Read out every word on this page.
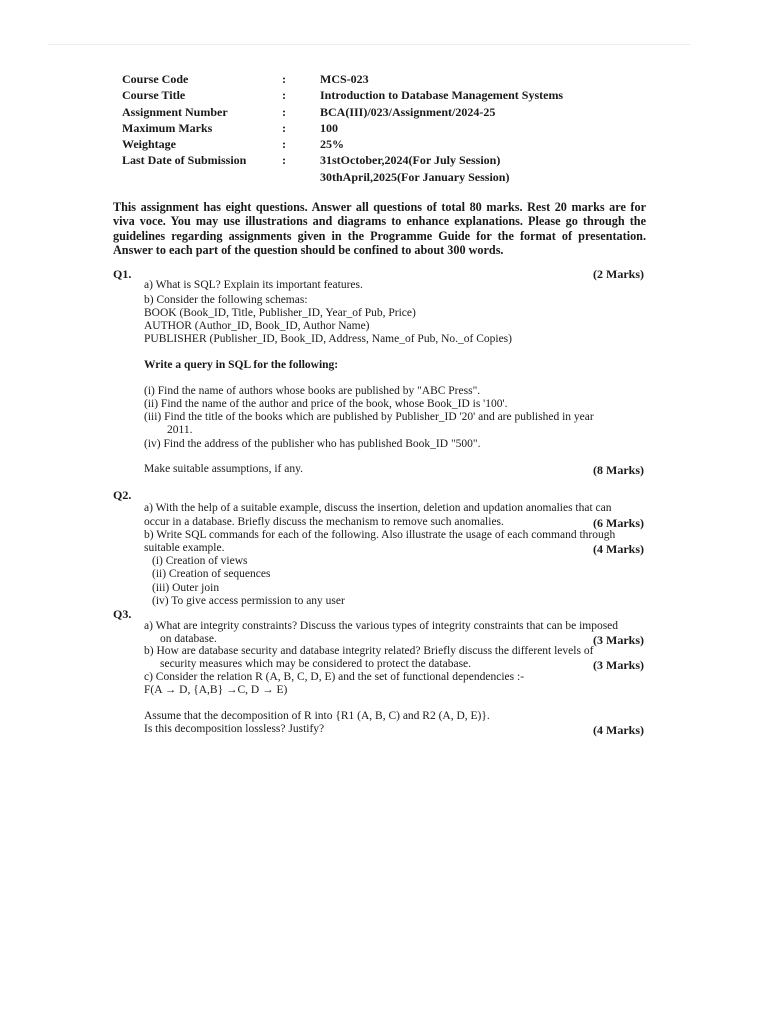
Course Code	:	MCS-023
Course Title	:	Introduction to Database Management Systems
Assignment Number	:	BCA(III)/023/Assignment/2024-25
Maximum Marks	:	100
Weightage	:	25%
Last Date of Submission	:	31stOctober,2024(For July Session)
30thApril,2025(For January Session)
This assignment has eight questions. Answer all questions of total 80 marks. Rest 20 marks are for viva voce. You may use illustrations and diagrams to enhance explanations. Please go through the guidelines regarding assignments given in the Programme Guide for the format of presentation. Answer to each part of the question should be confined to about 300 words.
Q1.	(2 Marks)
a) What is SQL? Explain its important features.
b) Consider the following schemas:
BOOK (Book_ID, Title, Publisher_ID, Year_of Pub, Price)
AUTHOR (Author_ID, Book_ID, Author Name)
PUBLISHER (Publisher_ID, Book_ID, Address, Name_of Pub, No._of Copies)
Write a query in SQL for the following:
(i) Find the name of authors whose books are published by "ABC Press".
(ii) Find the name of the author and price of the book, whose Book_ID is '100'.
(iii) Find the title of the books which are published by Publisher_ID '20' and are published in year
2011.
(iv) Find the address of the publisher who has published Book_ID "500".
Make suitable assumptions, if any.	(8 Marks)
Q2.
a) With the help of a suitable example, discuss the insertion, deletion and updation anomalies that can
occur in a database. Briefly discuss the mechanism to remove such anomalies.	(6 Marks)
b) Write SQL commands for each of the following. Also illustrate the usage of each command through
suitable example.	(4 Marks)
(i) Creation of views
(ii) Creation of sequences
(iii) Outer join
(iv) To give access permission to any user
Q3.
a) What are integrity constraints? Discuss the various types of integrity constraints that can be imposed
on database.	(3 Marks)
b) How are database security and database integrity related? Briefly discuss the different levels of
security measures which may be considered to protect the database.	(3 Marks)
c) Consider the relation R (A, B, C, D, E) and the set of functional dependencies :-
F(A → D, {A,B} →C, D → E)
Assume that the decomposition of R into {R1 (A, B, C) and R2 (A, D, E)}.
Is this decomposition lossless? Justify?	(4 Marks)
